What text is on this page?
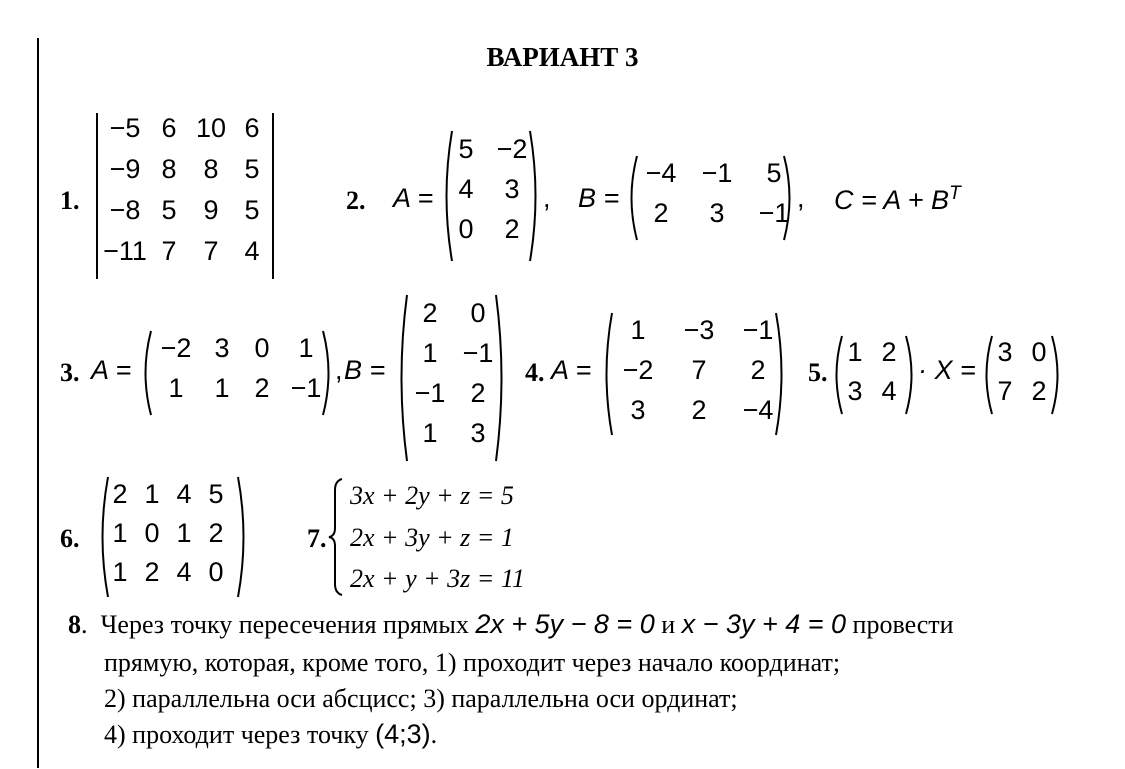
ВАРИАНТ 3
1.
−5 6 10 6
−9 8 8 5
−8 5 9 5
−11 7 7 4
2. A =
5 −2
4	3
0	2
, B =
−4 −1	5
2	3	−1 , $C = A + B^T$
3. A =
−2 3 0	1
1	1 2 −1
, B =
2	0
1 −1
−1 2
1	3
4. A =
1	−3	−1
−2	7	2
3	2	−4
5.
1 2
3 4
· X =
3 0
7 2
6.
2 1 4 5
1 0 1 2
1 2 4 0
7.
3x + 2y + z = 5
2x + 3y + z = 1
2x + y + 3z = 11
8.  Через точку пересечения прямых 2x + 5y − 8 = 0 и x − 3y + 4 = 0 провести
прямую, которая, кроме того, 1) проходит через начало координат;
2) параллельна оси абсцисс; 3) параллельна оси ординат;
4) проходит через точку (4;3).
